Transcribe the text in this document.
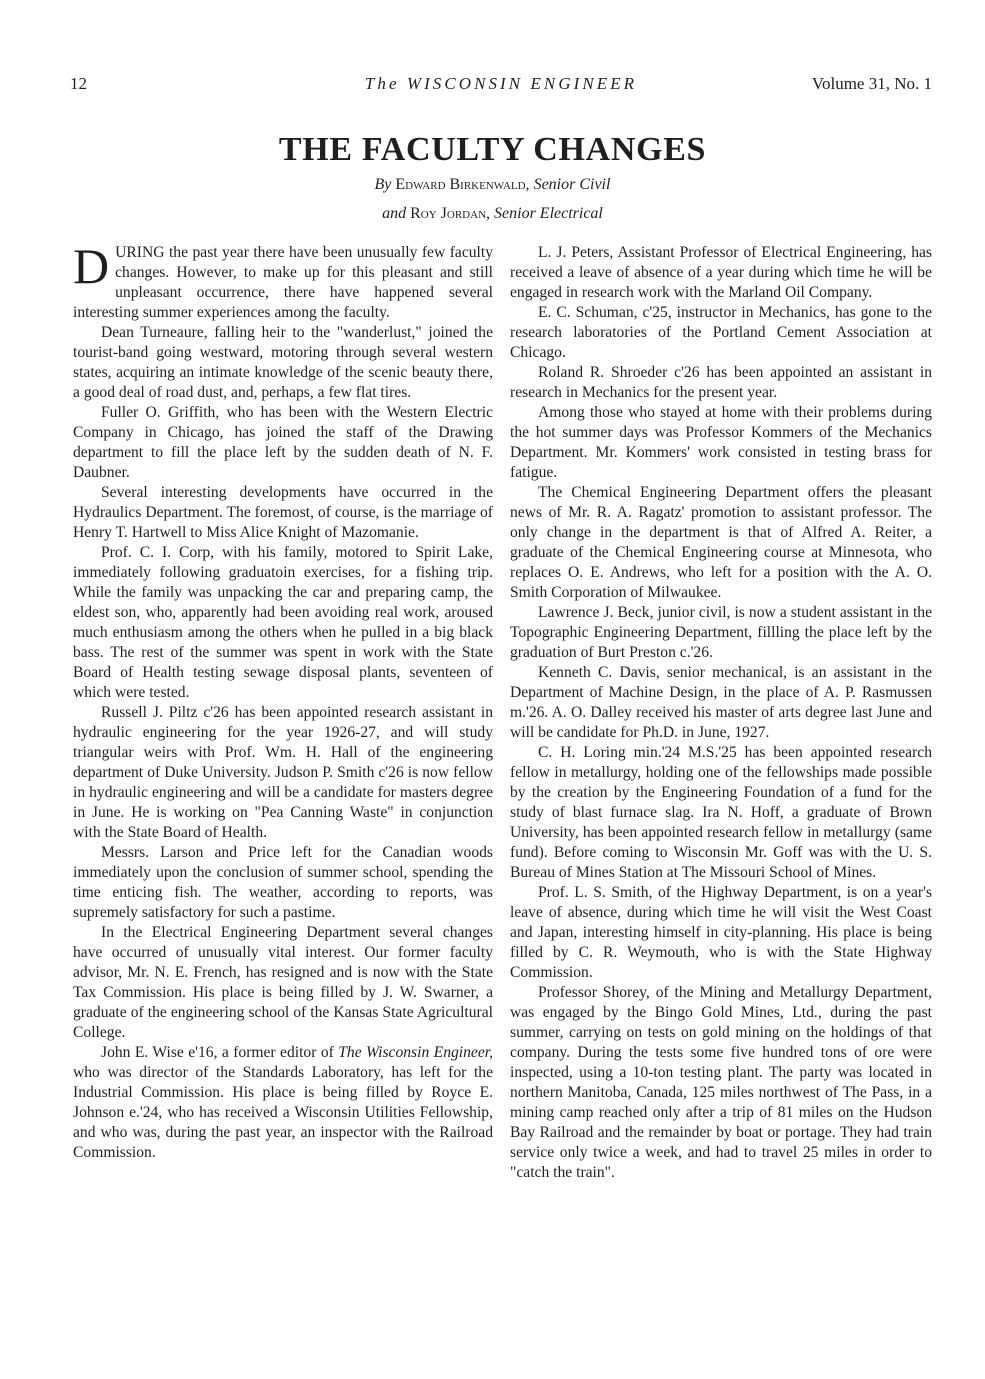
12	The WISCONSIN ENGINEER	Volume 31, No. 1
THE FACULTY CHANGES
By Edward Birkenwald, Senior Civil
and Roy Jordan, Senior Electrical

DURING the past year there have been unusually few faculty changes. However, to make up for this pleasant and still unpleasant occurrence, there have happened several interesting summer experiences among the faculty.

Dean Turneaure, falling heir to the "wanderlust," joined the tourist-band going westward, motoring through several western states, acquiring an intimate knowledge of the scenic beauty there, a good deal of road dust, and, perhaps, a few flat tires.

Fuller O. Griffith, who has been with the Western Electric Company in Chicago, has joined the staff of the Drawing department to fill the place left by the sudden death of N. F. Daubner.

Several interesting developments have occurred in the Hydraulics Department. The foremost, of course, is the marriage of Henry T. Hartwell to Miss Alice Knight of Mazomanie.

Prof. C. I. Corp, with his family, motored to Spirit Lake, immediately following graduatoin exercises, for a fishing trip. While the family was unpacking the car and preparing camp, the eldest son, who, apparently had been avoiding real work, aroused much enthusiasm among the others when he pulled in a big black bass. The rest of the summer was spent in work with the State Board of Health testing sewage disposal plants, seventeen of which were tested.

Russell J. Piltz c'26 has been appointed research assistant in hydraulic engineering for the year 1926-27, and will study triangular weirs with Prof. Wm. H. Hall of the engineering department of Duke University. Judson P. Smith c'26 is now fellow in hydraulic engineering and will be a candidate for masters degree in June. He is working on "Pea Canning Waste" in conjunction with the State Board of Health.

Messrs. Larson and Price left for the Canadian woods immediately upon the conclusion of summer school, spending the time enticing fish. The weather, according to reports, was supremely satisfactory for such a pastime.

In the Electrical Engineering Department several changes have occurred of unusually vital interest. Our former faculty advisor, Mr. N. E. French, has resigned and is now with the State Tax Commission. His place is being filled by J. W. Swarner, a graduate of the engineering school of the Kansas State Agricultural College.

John E. Wise e'16, a former editor of The Wisconsin Engineer, who was director of the Standards Laboratory, has left for the Industrial Commission. His place is being filled by Royce E. Johnson e.'24, who has received a Wisconsin Utilities Fellowship, and who was, during the past year, an inspector with the Railroad Commission.

L. J. Peters, Assistant Professor of Electrical Engineering, has received a leave of absence of a year during which time he will be engaged in research work with the Marland Oil Company.

E. C. Schuman, c'25, instructor in Mechanics, has gone to the research laboratories of the Portland Cement Association at Chicago.

Roland R. Shroeder c'26 has been appointed an assistant in research in Mechanics for the present year.

Among those who stayed at home with their problems during the hot summer days was Professor Kommers of the Mechanics Department. Mr. Kommers' work consisted in testing brass for fatigue.

The Chemical Engineering Department offers the pleasant news of Mr. R. A. Ragatz' promotion to assistant professor. The only change in the department is that of Alfred A. Reiter, a graduate of the Chemical Engineering course at Minnesota, who replaces O. E. Andrews, who left for a position with the A. O. Smith Corporation of Milwaukee.

Lawrence J. Beck, junior civil, is now a student assistant in the Topographic Engineering Department, fillling the place left by the graduation of Burt Preston c.'26.

Kenneth C. Davis, senior mechanical, is an assistant in the Department of Machine Design, in the place of A. P. Rasmussen m.'26. A. O. Dalley received his master of arts degree last June and will be candidate for Ph.D. in June, 1927.

C. H. Loring min.'24 M.S.'25 has been appointed research fellow in metallurgy, holding one of the fellowships made possible by the creation by the Engineering Foundation of a fund for the study of blast furnace slag. Ira N. Hoff, a graduate of Brown University, has been appointed research fellow in metallurgy (same fund). Before coming to Wisconsin Mr. Goff was with the U. S. Bureau of Mines Station at The Missouri School of Mines.

Prof. L. S. Smith, of the Highway Department, is on a year's leave of absence, during which time he will visit the West Coast and Japan, interesting himself in city-planning. His place is being filled by C. R. Weymouth, who is with the State Highway Commission.

Professor Shorey, of the Mining and Metallurgy Department, was engaged by the Bingo Gold Mines, Ltd., during the past summer, carrying on tests on gold mining on the holdings of that company. During the tests some five hundred tons of ore were inspected, using a 10-ton testing plant. The party was located in northern Manitoba, Canada, 125 miles northwest of The Pass, in a mining camp reached only after a trip of 81 miles on the Hudson Bay Railroad and the remainder by boat or portage. They had train service only twice a week, and had to travel 25 miles in order to "catch the train".
